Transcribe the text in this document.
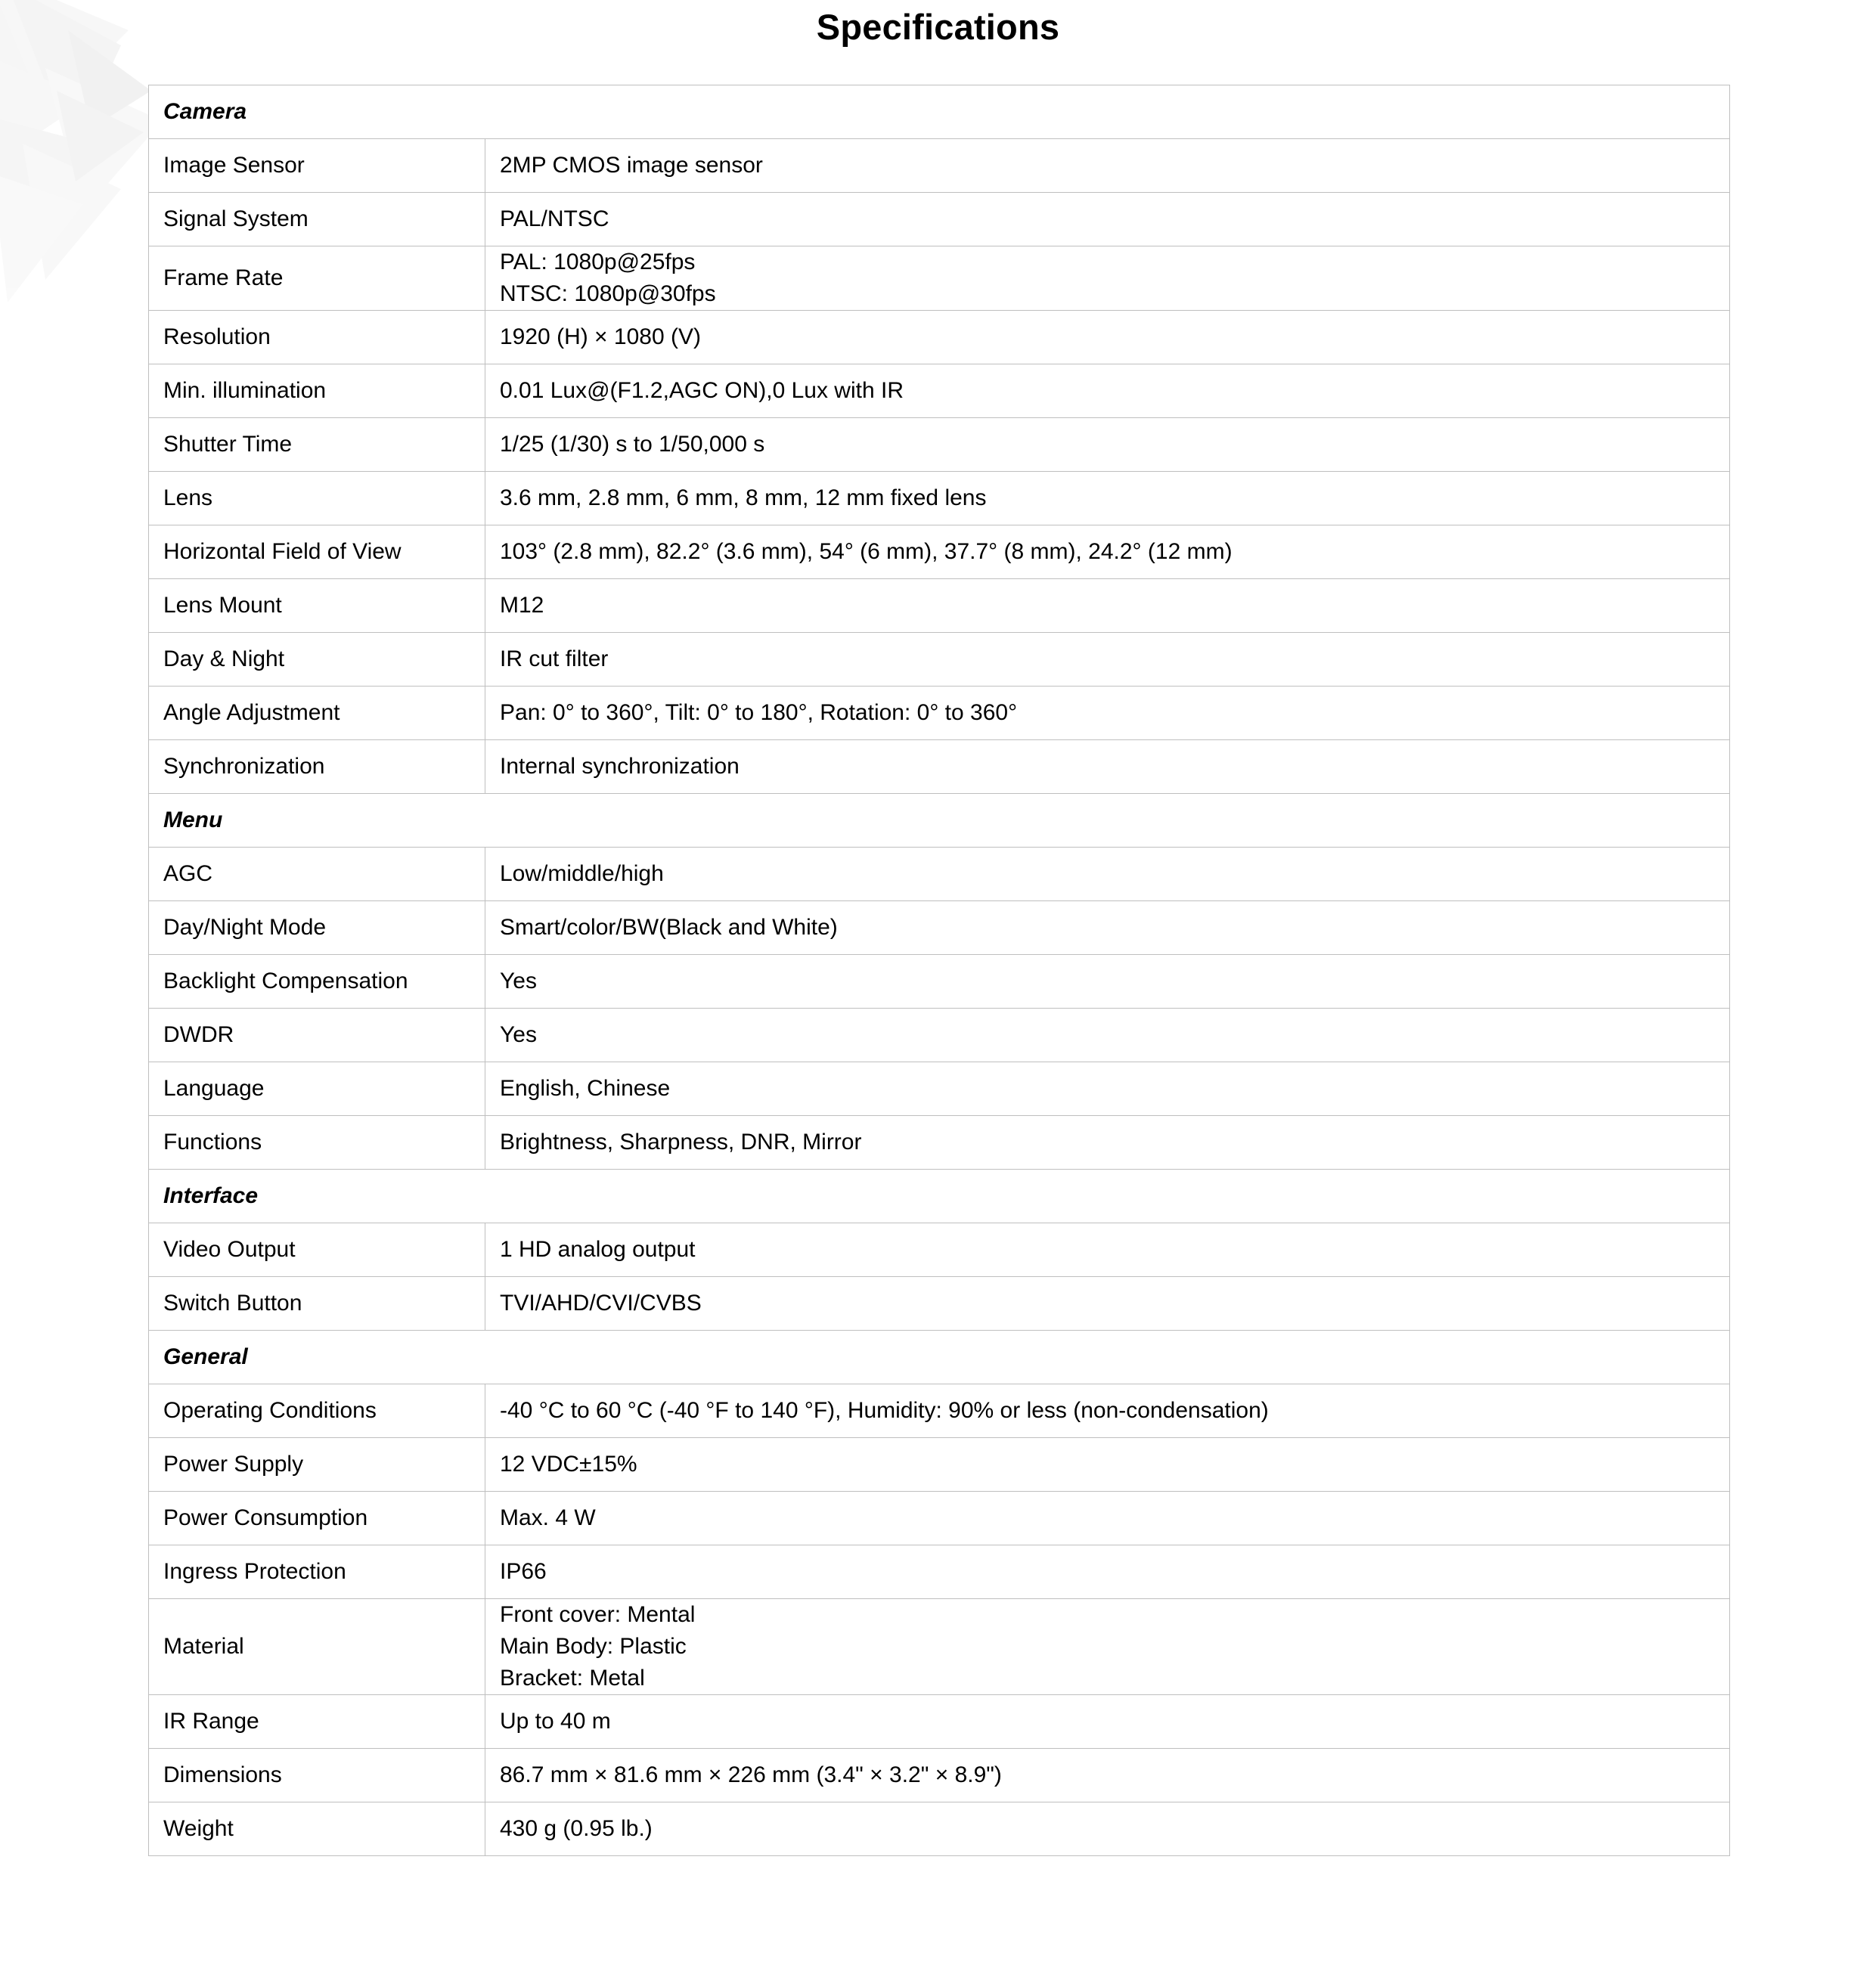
Specifications
Camera	
Image Sensor	2MP CMOS image sensor
Signal System	PAL/NTSC
Frame Rate	PAL: 1080p@25fps
NTSC: 1080p@30fps

Resolution	1920 (H) × 1080 (V)
Min. illumination	0.01 Lux@(F1.2,AGC ON),0 Lux with IR
Shutter Time	1/25 (1/30) s to 1/50,000 s
Lens	3.6 mm, 2.8 mm, 6 mm, 8 mm, 12 mm fixed lens
Horizontal Field of View	103° (2.8 mm), 82.2° (3.6 mm), 54° (6 mm), 37.7° (8 mm), 24.2° (12 mm)
Lens Mount	M12
Day & Night	IR cut filter
Angle Adjustment	Pan: 0° to 360°, Tilt: 0° to 180°, Rotation: 0° to 360°
Synchronization	Internal synchronization
Menu	
AGC	Low/middle/high
Day/Night Mode	Smart/color/BW(Black and White)
Backlight Compensation	Yes
DWDR	Yes
Language	English, Chinese
Functions	Brightness, Sharpness, DNR, Mirror
Interface	
Video Output	1 HD analog output
Switch Button	TVI/AHD/CVI/CVBS
General	
Operating Conditions	-40 °C to 60 °C (-40 °F to 140 °F), Humidity: 90% or less (non-condensation)
Power Supply	12 VDC±15%
Power Consumption	Max. 4 W
Ingress Protection	IP66
Material	Front cover: Mental
Main Body: Plastic
Bracket: Metal

IR Range	Up to 40 m
Dimensions	86.7 mm × 81.6 mm × 226 mm (3.4" × 3.2" × 8.9")
Weight	430 g (0.95 lb.)
